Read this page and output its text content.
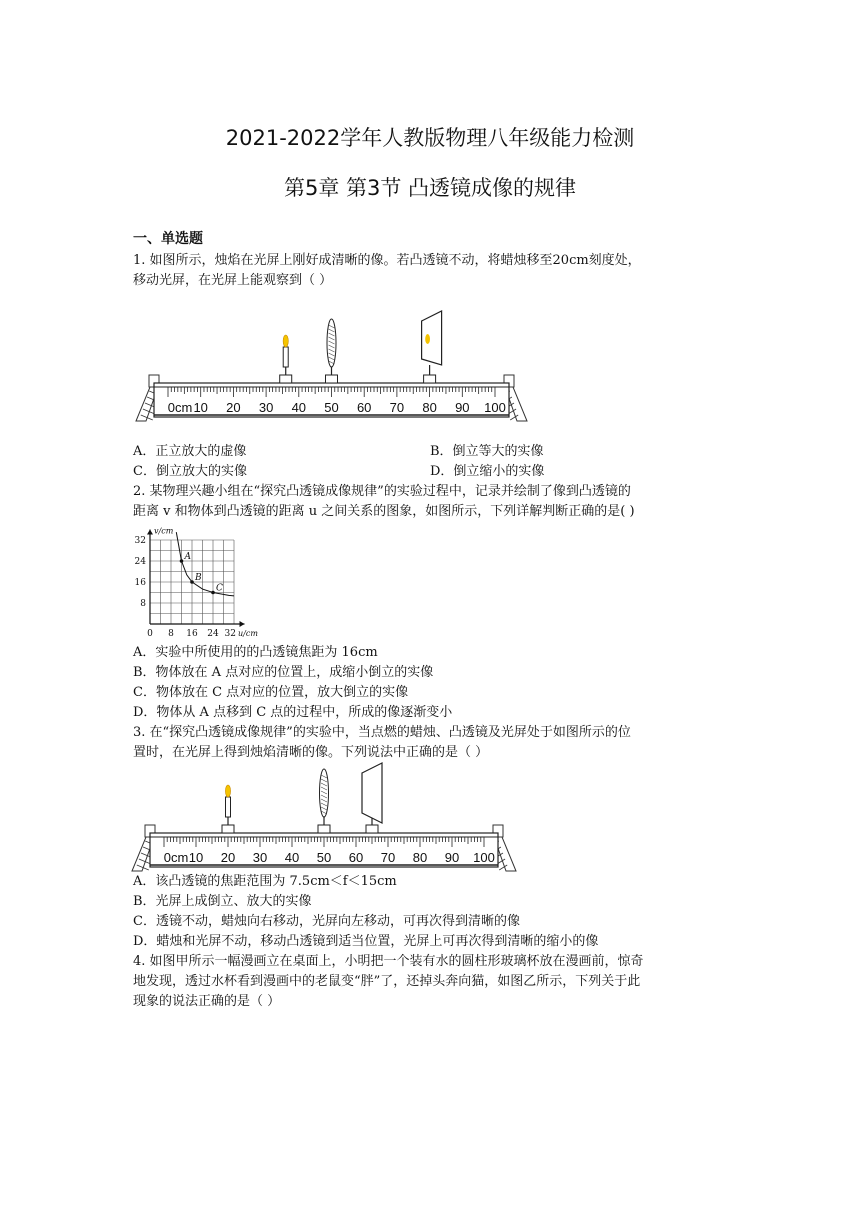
2021-2022学年人教版物理八年级能力检测
第5章 第3节 凸透镜成像的规律
一、单选题
1. 如图所示，烛焰在光屏上刚好成清晰的像。若凸透镜不动，将蜡烛移至20cm刻度处，
移动光屏，在光屏上能观察到（ ）
0cm 10 20 30 40 50 60 70 80 90 100
A．正立放大的虚像	B．倒立等大的实像
C．倒立放大的实像	D．倒立缩小的实像
2. 某物理兴趣小组在“探究凸透镜成像规律”的实验过程中，记录并绘制了像到凸透镜的
距离 v 和物体到凸透镜的距离 u 之间关系的图象，如图所示，下列详解判断正确的是( )
v/cm
u/cm
0 8 16 24 32
8
16
24
32
A
B
C
A．实验中所使用的的凸透镜焦距为 16cm
B．物体放在 A 点对应的位置上，成缩小倒立的实像
C．物体放在 C 点对应的位置，放大倒立的实像
D．物体从 A 点移到 C 点的过程中，所成的像逐渐变小
3. 在“探究凸透镜成像规律”的实验中，当点燃的蜡烛、凸透镜及光屏处于如图所示的位
置时，在光屏上得到烛焰清晰的像。下列说法中正确的是（ ）
0cm 10 20 30 40 50 60 70 80 90 100
A．该凸透镜的焦距范围为 7.5cm＜f＜15cm
B．光屏上成倒立、放大的实像
C．透镜不动，蜡烛向右移动，光屏向左移动，可再次得到清晰的像
D．蜡烛和光屏不动，移动凸透镜到适当位置，光屏上可再次得到清晰的缩小的像
4. 如图甲所示一幅漫画立在桌面上，小明把一个装有水的圆柱形玻璃杯放在漫画前，惊奇
地发现，透过水杯看到漫画中的老鼠变“胖”了，还掉头奔向猫，如图乙所示，下列关于此
现象的说法正确的是（ ）
